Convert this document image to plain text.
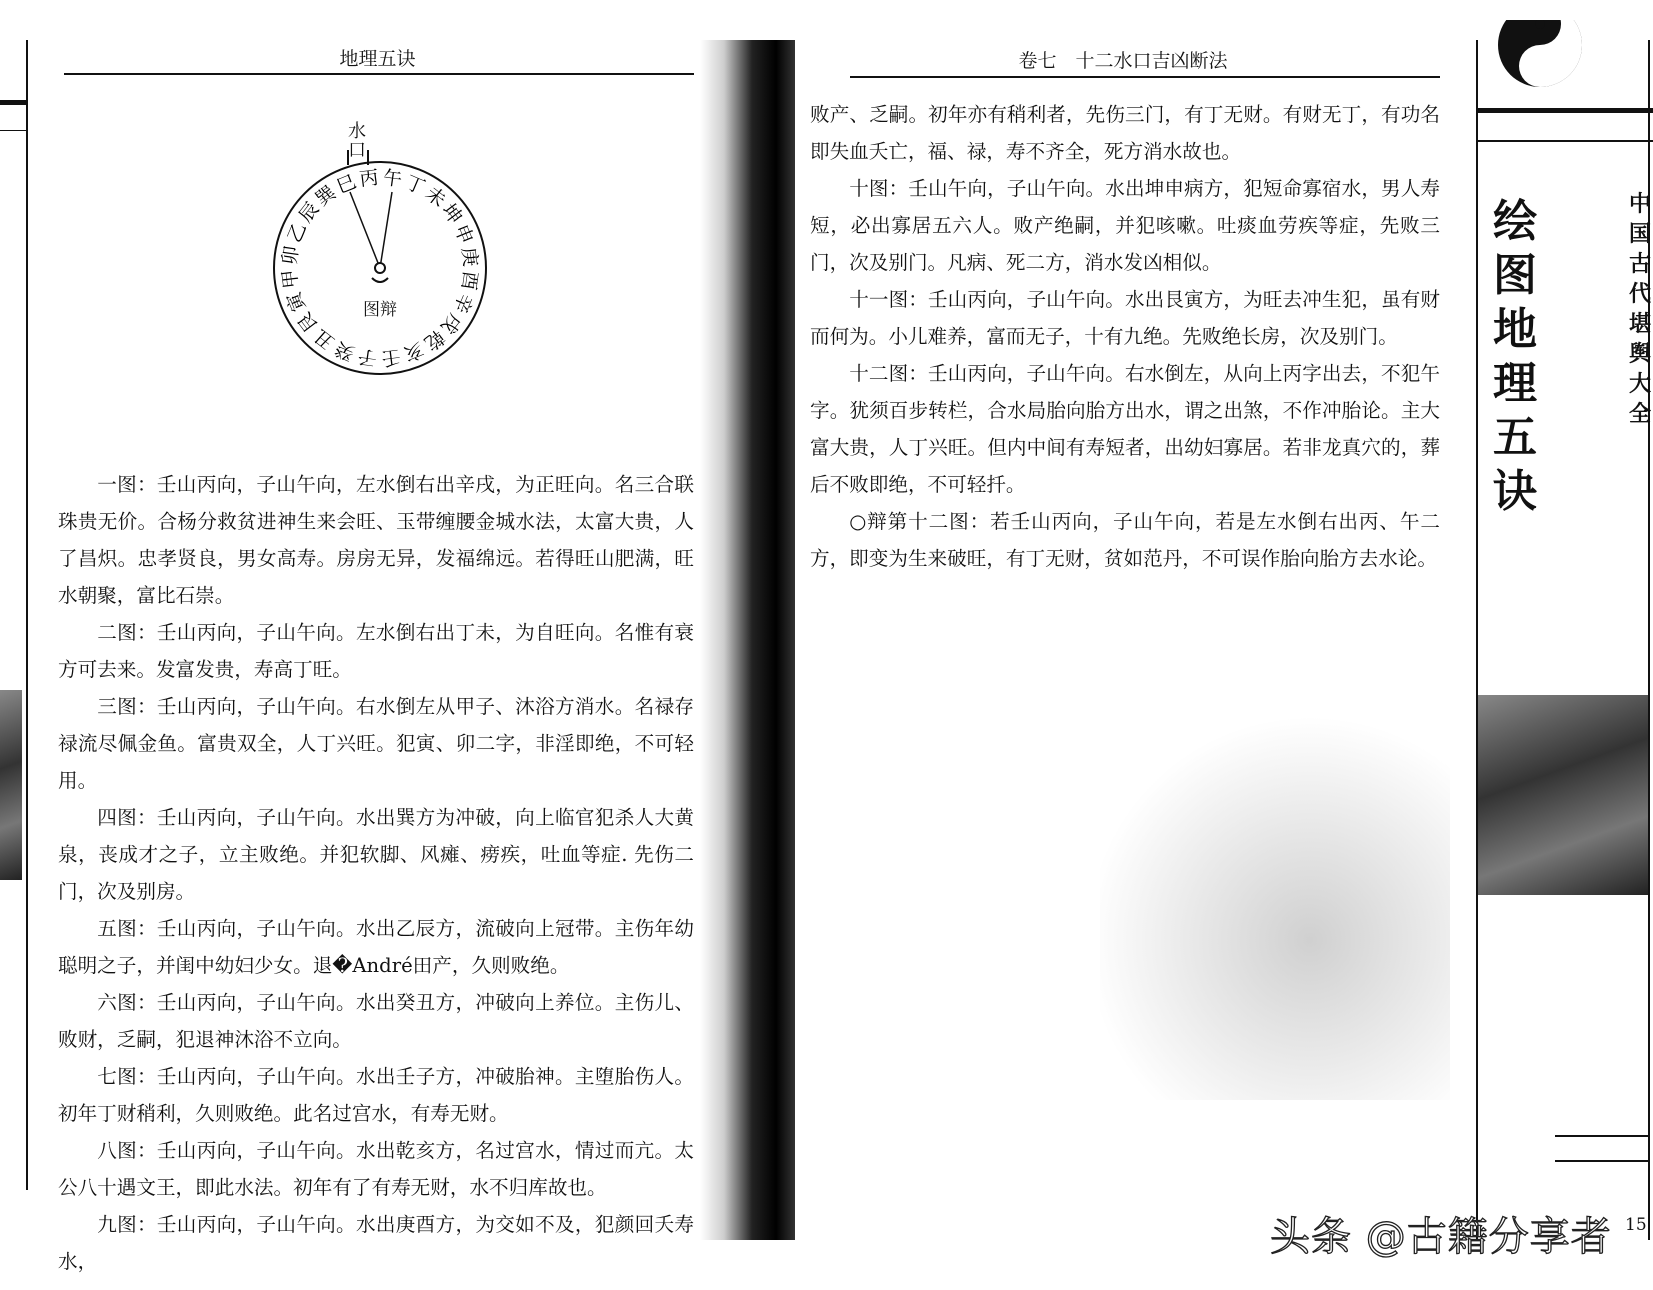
地理五诀
午
丁
未
坤
申
庚
酉
辛
戌
乾
亥
壬
子
癸
丑
艮
寅
甲
卯
乙
辰
巽
巳 丙
水口
图辩

一图：壬山丙向，子山午向，左水倒右出辛戌，为正旺向。名三合联珠贵无价。合杨分救贫进神生来会旺、玉带缠腰金城水法，太富大贵，人了昌炽。忠孝贤良，男女高寿。房房无异，发福绵远。若得旺山肥满，旺水朝聚，富比石崇。

二图：壬山丙向，子山午向。左水倒右出丁未，为自旺向。名惟有衰方可去来。发富发贵，寿高丁旺。

三图：壬山丙向，子山午向。右水倒左从甲子、沐浴方消水。名禄存禄流尽佩金鱼。富贵双全，人丁兴旺。犯寅、卯二字，非淫即绝，不可轻用。

四图：壬山丙向，子山午向。水出巽方为冲破，向上临官犯杀人大黄泉，丧成才之子，立主败绝。并犯软脚、风瘫、痨疾，吐血等症. 先伤二门，次及别房。

五图：壬山丙向，子山午向。水出乙辰方，流破向上冠带。主伤年幼聪明之子，并闺中幼妇少女。退�André田产，久则败绝。

六图：壬山丙向，子山午向。水出癸丑方，冲破向上养位。主伤儿、败财，乏嗣，犯退神沐浴不立向。

七图：壬山丙向，子山午向。水出壬子方，冲破胎神。主堕胎伤人。初年丁财稍利，久则败绝。此名过宫水，有寿无财。

八图：壬山丙向，子山午向。水出乾亥方，名过宫水，情过而亢。太公八十遇文王，即此水法。初年有了有寿无财，水不归库故也。

九图：壬山丙向，子山午向。水出庚酉方，为交如不及，犯颜回夭寿水，

卷七　十二水口吉凶断法

败产、乏嗣。初年亦有稍利者，先伤三门，有丁无财。有财无丁，有功名即失血夭亡，福、禄，寿不齐全，死方消水故也。

十图：壬山午向，子山午向。水出坤申病方，犯短命寡宿水，男人寿短，必出寡居五六人。败产绝嗣，并犯咳嗽。吐痰血劳疾等症，先败三门，次及别门。凡病、死二方，消水发凶相似。

十一图：壬山丙向，子山午向。水出艮寅方，为旺去冲生犯，虽有财而何为。小儿难养，富而无子，十有九绝。先败绝长房，次及别门。

十二图：壬山丙向，子山午向。右水倒左，从向上丙字出去，不犯午字。犹须百步转栏，合水局胎向胎方出水，谓之出煞，不作冲胎论。主大富大贵，人丁兴旺。但内中间有寿短者，出幼妇寡居。若非龙真穴的，葬后不败即绝，不可轻扦。

○辩第十二图：若壬山丙向，子山午向，若是左水倒右出丙、午二方，即变为生来破旺，有丁无财，贫如范丹，不可误作胎向胎方去水论。

绘图地理五诀
中国古代堪舆大全
15
头条 @古籍分享者
